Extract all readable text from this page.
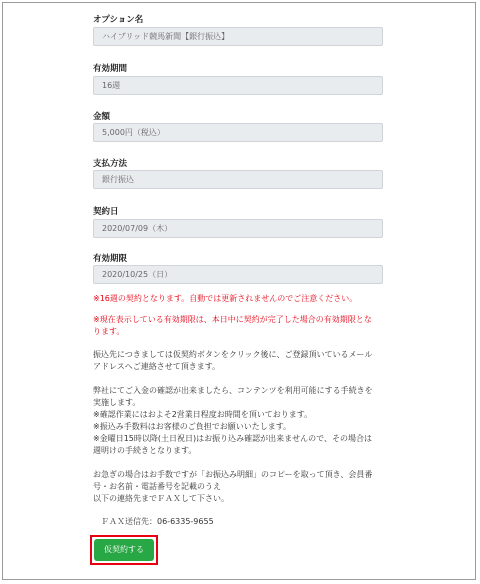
オプション名
ハイブリッド競馬新聞【銀行振込】
有効期間
16週
金額
5,000円（税込）
支払方法
銀行振込
契約日
2020/07/09（木）
有効期限
2020/10/25（日）
※16週の契約となります。自動では更新されませんのでご注意ください。
※現在表示している有効期限は、本日中に契約が完了した場合の有効期限とな
ります。
振込先につきましては仮契約ボタンをクリック後に、ご登録頂いているメール
アドレスへご連絡させて頂きます。
弊社にてご入金の確認が出来ましたら、コンテンツを利用可能にする手続きを
実施します。
※確認作業にはおよそ2営業日程度お時間を頂いております。
※振込み手数料はお客様のご負担でお願いいたします。
※金曜日15時以降(土日祝日)はお振り込み確認が出来ませんので、その場合は
週明けの手続きとなります。
お急ぎの場合はお手数ですが「お振込み明細」のコピーを取って頂き、会員番
号・お名前・電話番号を記載のうえ
以下の連絡先までＦＡＸして下さい。
ＦＡＸ送信先：06-6335-9655
仮契約する
